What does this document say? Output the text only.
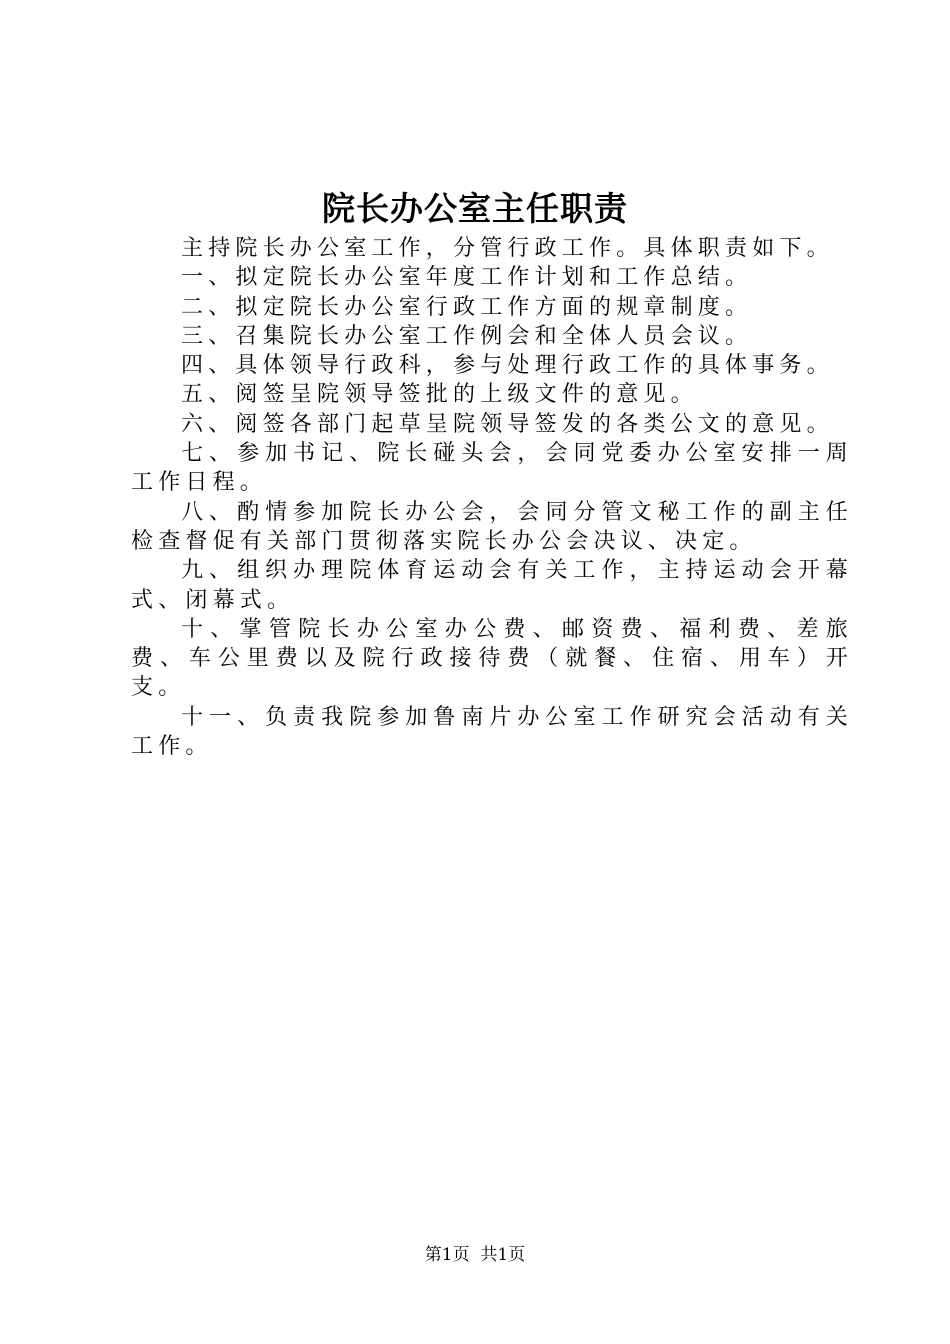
院长办公室主任职责

主持院长办公室工作，分管行政工作。具体职责如下。

一、拟定院长办公室年度工作计划和工作总结。

二、拟定院长办公室行政工作方面的规章制度。

三、召集院长办公室工作例会和全体人员会议。

四、具体领导行政科，参与处理行政工作的具体事务。

五、阅签呈院领导签批的上级文件的意见。

六、阅签各部门起草呈院领导签发的各类公文的意见。

七、参加书记、院长碰头会，会同党委办公室安排一周工作日程。

八、酌情参加院长办公会，会同分管文秘工作的副主任检查督促有关部门贯彻落实院长办公会决议、决定。

九、组织办理院体育运动会有关工作，主持运动会开幕式、闭幕式。

十、掌管院长办公室办公费、邮资费、福利费、差旅费、车公里费以及院行政接待费（就餐、住宿、用车）开支。

十一、负责我院参加鲁南片办公室工作研究会活动有关工作。

第1页  共1页
